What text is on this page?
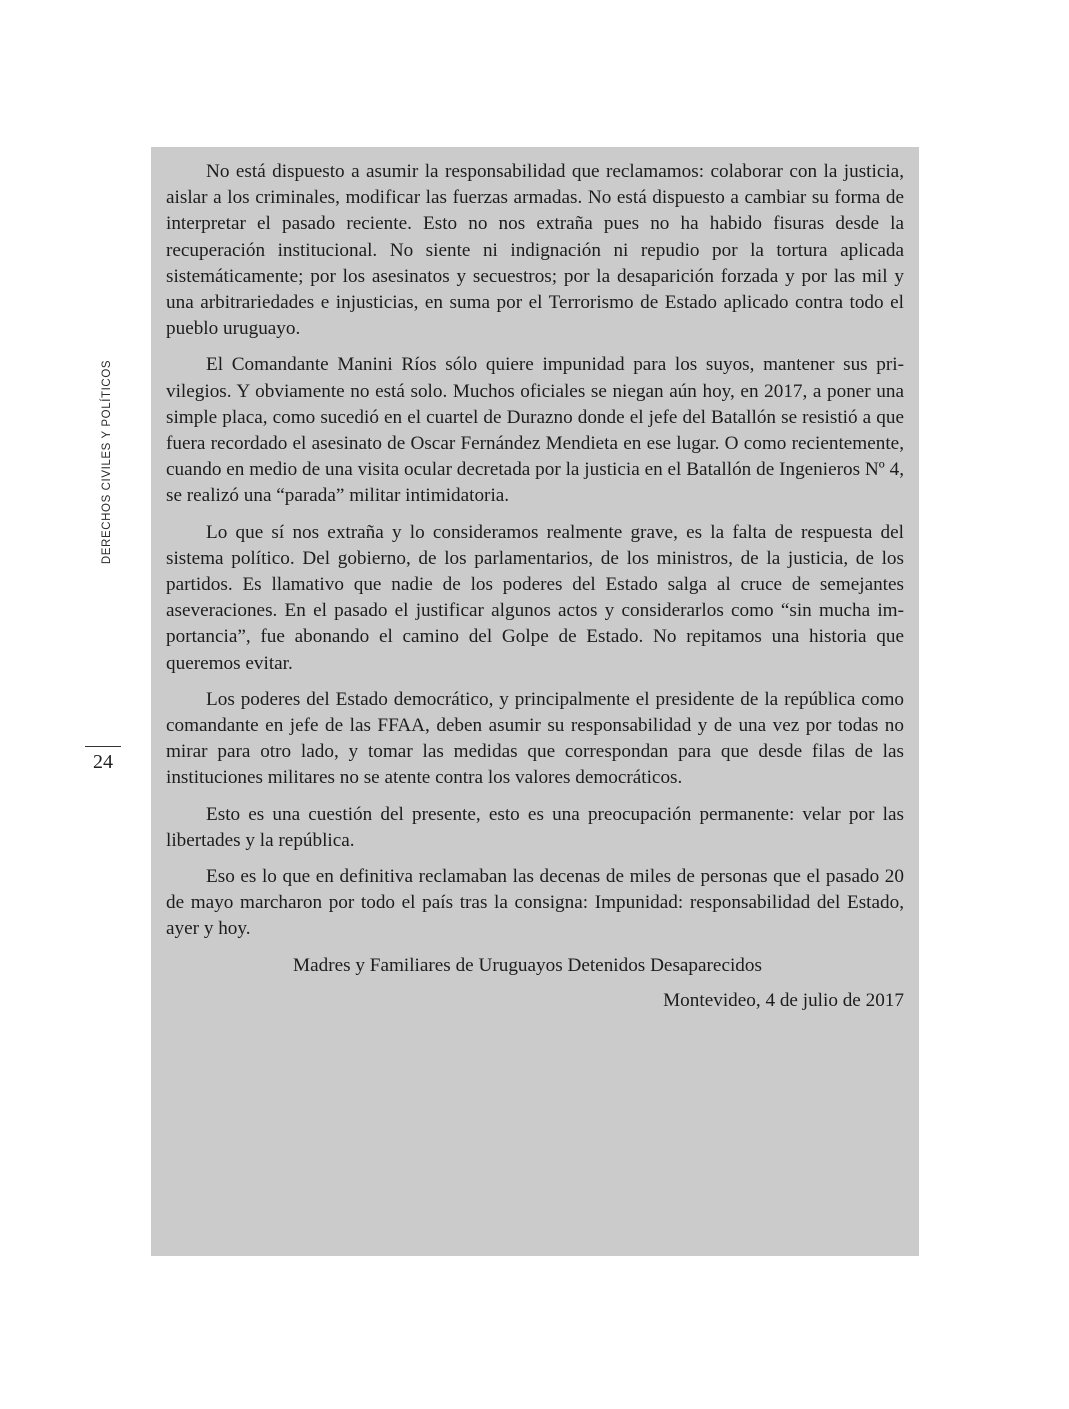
DERECHOS CIVILES Y POLÍTICOS
24

No está dispuesto a asumir la responsabilidad que reclamamos: colaborar con la justicia, aislar a los criminales, modificar las fuerzas armadas. No está dispuesto a cambiar su forma de interpretar el pasado reciente. Esto no nos extraña pues no ha habido fisuras desde la recuperación institucional. No siente ni indignación ni repudio por la tortura aplicada sistemáticamente; por los asesinatos y secuestros; por la desaparición forzada y por las mil y una arbitrariedades e injusticias, en suma por el Terrorismo de Estado aplicado contra todo el pueblo uruguayo.

El Comandante Manini Ríos sólo quiere impunidad para los suyos, mantener sus privilegios. Y obviamente no está solo. Muchos oficiales se niegan aún hoy, en 2017, a poner una simple placa, como sucedió en el cuartel de Durazno donde el jefe del Batallón se resistió a que fuera recordado el asesinato de Oscar Fernández Mendieta en ese lugar. O como recientemente, cuando en medio de una visita ocular decretada por la justicia en el Batallón de Ingenieros Nº 4, se realizó una “parada” militar intimidatoria.

Lo que sí nos extraña y lo consideramos realmente grave, es la falta de respuesta del sistema político. Del gobierno, de los parlamentarios, de los ministros, de la justicia, de los partidos. Es llamativo que nadie de los poderes del Estado salga al cruce de semejantes aseveraciones. En el pasado el justificar algunos actos y considerarlos como “sin mucha importancia”, fue abonando el camino del Golpe de Estado. No repitamos una historia que queremos evitar.

Los poderes del Estado democrático, y principalmente el presidente de la república como comandante en jefe de las FFAA, deben asumir su responsabilidad y de una vez por todas no mirar para otro lado, y tomar las medidas que correspondan para que desde filas de las instituciones militares no se atente contra los valores democráticos.

Esto es una cuestión del presente, esto es una preocupación permanente: velar por las libertades y la república.

Eso es lo que en definitiva reclamaban las decenas de miles de personas que el pasado 20 de mayo marcharon por todo el país tras la consigna: Impunidad: responsabilidad del Estado, ayer y hoy.

Madres y Familiares de Uruguayos Detenidos Desaparecidos
Montevideo, 4 de julio de 2017
